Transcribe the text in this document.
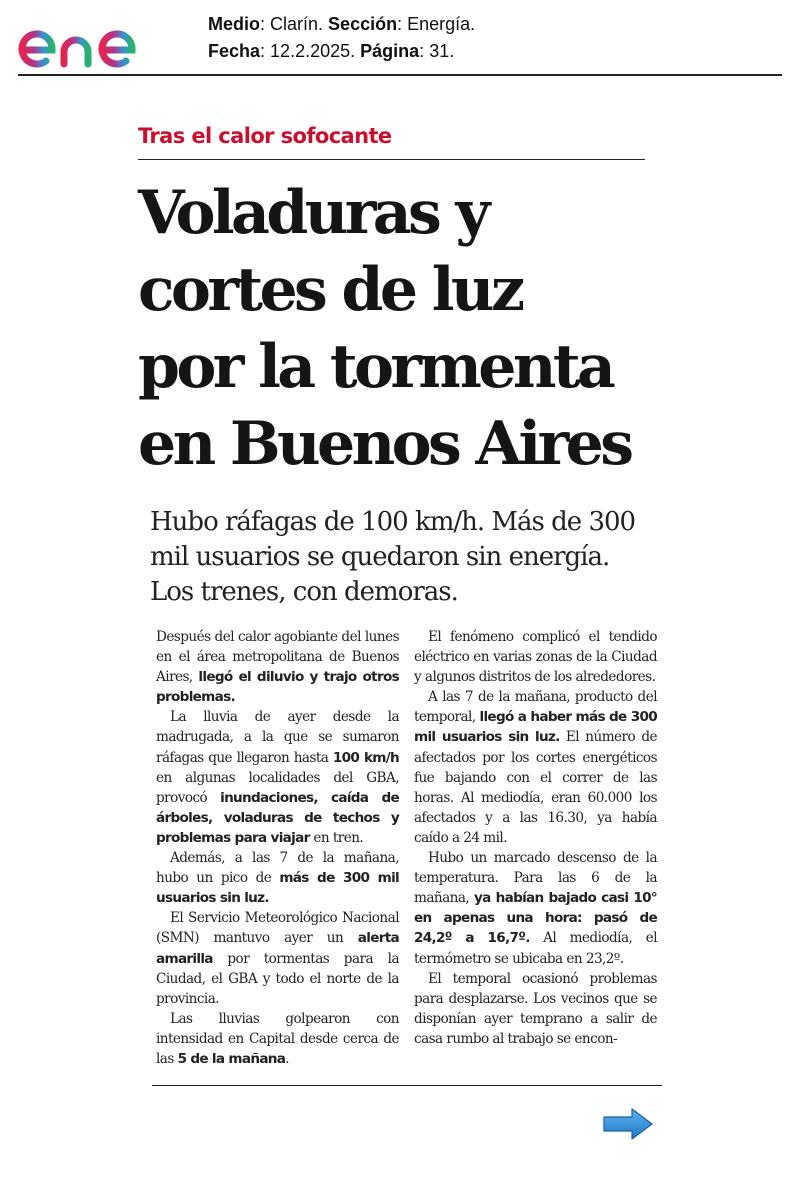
Medio: Clarín. Sección: Energía.
Fecha: 12.2.2025. Página: 31.
Tras el calor sofocante
Voladuras y
cortes de luz
por la tormenta
en Buenos Aires

Hubo ráfagas de 100 km/h. Más de 300 mil usuarios se quedaron sin energía. Los trenes, con demoras.

Después del calor agobiante del lunes en el área metropolitana de Buenos Aires, llegó el diluvio y trajo otros problemas.

La lluvia de ayer desde la madrugada, a la que se sumaron ráfagas que llegaron hasta 100 km/h en algunas localidades del GBA, provocó inundaciones, caída de árboles, voladuras de techos y problemas para viajar en tren.

Además, a las 7 de la mañana, hubo un pico de más de 300 mil usuarios sin luz.

El Servicio Meteorológico Nacional (SMN) mantuvo ayer un alerta amarilla por tormentas para la Ciudad, el GBA y todo el norte de la provincia.

Las lluvias golpearon con intensidad en Capital desde cerca de las 5 de la mañana.

El fenómeno complicó el tendido eléctrico en varias zonas de la Ciudad y algunos distritos de los alrededores.

A las 7 de la mañana, producto del temporal, llegó a haber más de 300 mil usuarios sin luz. El número de afectados por los cortes energéticos fue bajando con el correr de las horas. Al mediodía, eran 60.000 los afectados y a las 16.30, ya había caído a 24 mil.

Hubo un marcado descenso de la temperatura. Para las 6 de la mañana, ya habían bajado casi 10° en apenas una hora: pasó de 24,2º a 16,7º. Al mediodía, el termómetro se ubicaba en 23,2º.

El temporal ocasionó problemas para desplazarse. Los vecinos que se disponían ayer temprano a salir de casa rumbo al trabajo se encon-
